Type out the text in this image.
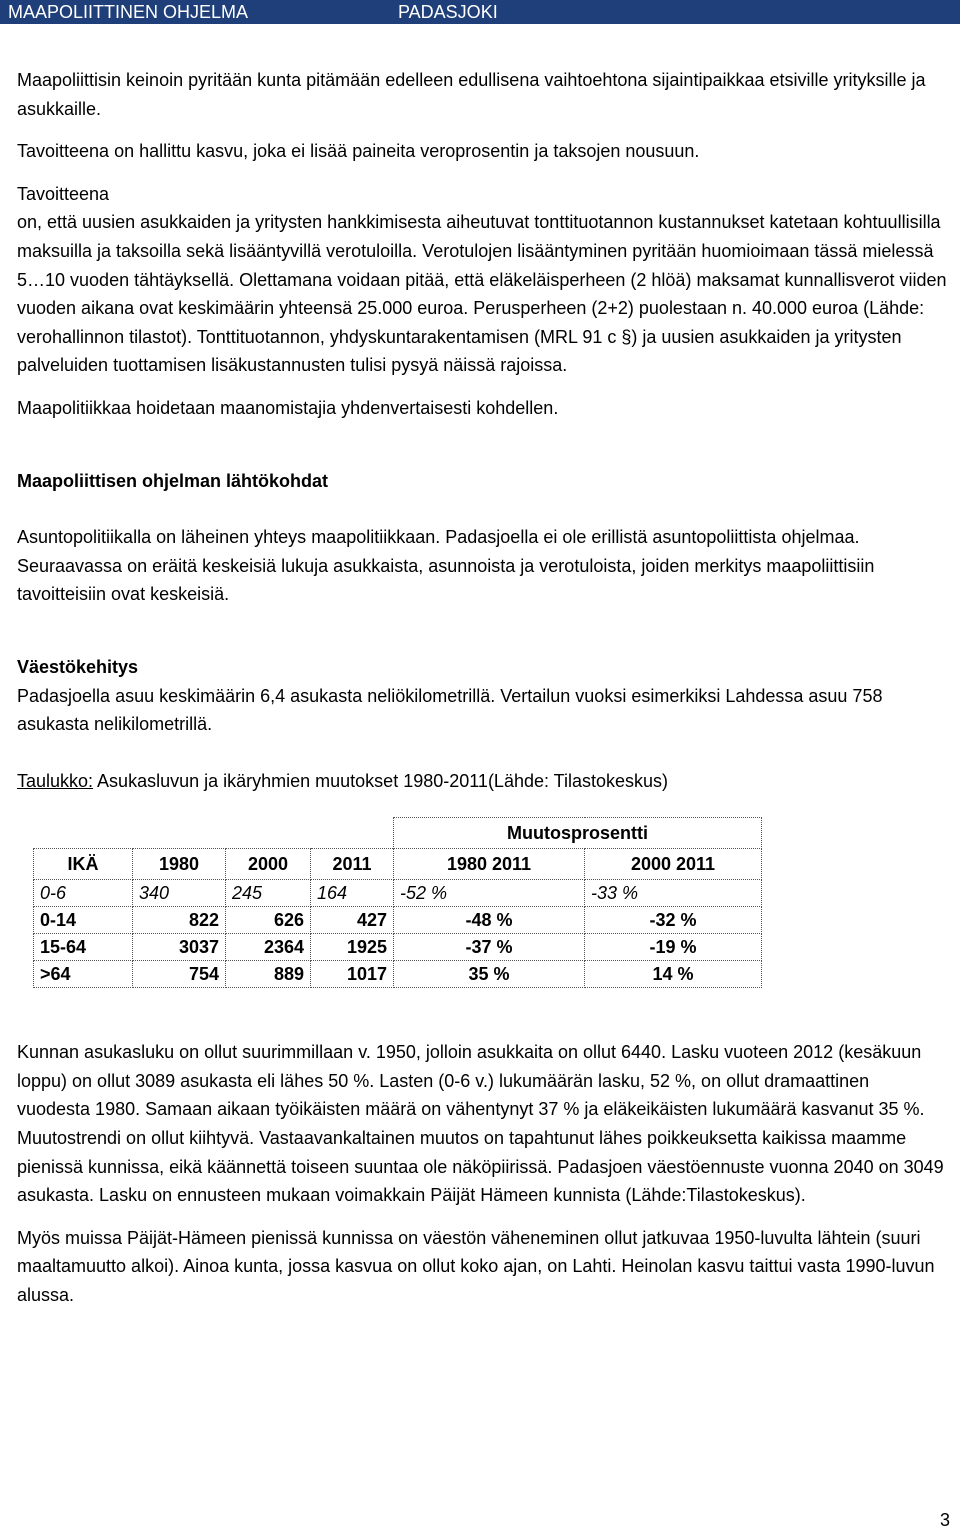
MAAPOLIITTINEN OHJELMA	PADASJOKI

Maapoliittisin keinoin pyritään kunta pitämään edelleen edullisena vaihtoehtona sijaintipaikkaa etsiville yrityksille ja asukkaille.

Tavoitteena on hallittu kasvu, joka ei lisää paineita veroprosentin ja taksojen nousuun.

Tavoitteena

on, että uusien asukkaiden ja yritysten hankkimisesta aiheutuvat tonttituotannon kustannukset katetaan kohtuullisilla maksuilla ja taksoilla sekä lisääntyvillä verotuloilla. Verotulojen lisääntyminen pyritään huomioimaan tässä mielessä 5…10 vuoden tähtäyksellä. Olettamana voidaan pitää, että eläkeläisperheen (2 hlöä) maksamat kunnallisverot viiden vuoden aikana ovat keskimäärin yhteensä 25.000 euroa. Perusperheen (2+2) puolestaan n. 40.000 euroa (Lähde: verohallinnon tilastot). Tonttituotannon, yhdyskuntarakentamisen (MRL 91 c §) ja uusien asukkaiden ja yritysten palveluiden tuottamisen lisäkustannusten tulisi pysyä näissä rajoissa.

Maapolitiikkaa hoidetaan maanomistajia yhdenvertaisesti kohdellen.

Maapoliittisen ohjelman lähtökohdat

Asuntopolitiikalla on läheinen yhteys maapolitiikkaan. Padasjoella ei ole erillistä asuntopoliittista ohjelmaa.

Seuraavassa on eräitä keskeisiä lukuja asukkaista, asunnoista ja verotuloista, joiden merkitys maapoliittisiin tavoitteisiin ovat keskeisiä.

Väestökehitys

Padasjoella asuu keskimäärin 6,4 asukasta neliökilometrillä. Vertailun vuoksi esimerkiksi Lahdessa asuu 758 asukasta nelikilometrillä.

Taulukko: Asukasluvun ja ikäryhmien muutokset 1980-2011(Lähde: Tilastokeskus)

				Muutosprosentti	
IKÄ	1980	2000	2011	1980 2011	2000 2011
0-6	340	245	164	-52 %	-33 %
0-14	822	626	427	-48 %	-32 %
15-64	3037	2364	1925	-37 %	-19 %
>64	754	889	1017	35 %	14 %

Kunnan asukasluku on ollut suurimmillaan v. 1950, jolloin asukkaita on ollut 6440. Lasku vuoteen 2012 (kesäkuun loppu) on ollut 3089 asukasta eli lähes 50 %. Lasten (0-6 v.) lukumäärän lasku, 52 %, on ollut dramaattinen vuodesta 1980. Samaan aikaan työikäisten määrä on vähentynyt 37 % ja eläkeikäisten lukumäärä kasvanut 35 %. Muutostrendi on ollut kiihtyvä. Vastaavankaltainen muutos on tapahtunut lähes poikkeuksetta kaikissa maamme pienissä kunnissa, eikä käännettä toiseen suuntaa ole näköpiirissä. Padasjoen väestöennuste vuonna 2040 on 3049 asukasta. Lasku on ennusteen mukaan voimakkain Päijät Hämeen kunnista (Lähde:Tilastokeskus).

Myös muissa Päijät-Hämeen pienissä kunnissa on väestön väheneminen ollut jatkuvaa 1950-luvulta lähtein (suuri maaltamuutto alkoi). Ainoa kunta, jossa kasvua on ollut koko ajan, on Lahti. Heinolan kasvu taittui vasta 1990-luvun alussa.

3
